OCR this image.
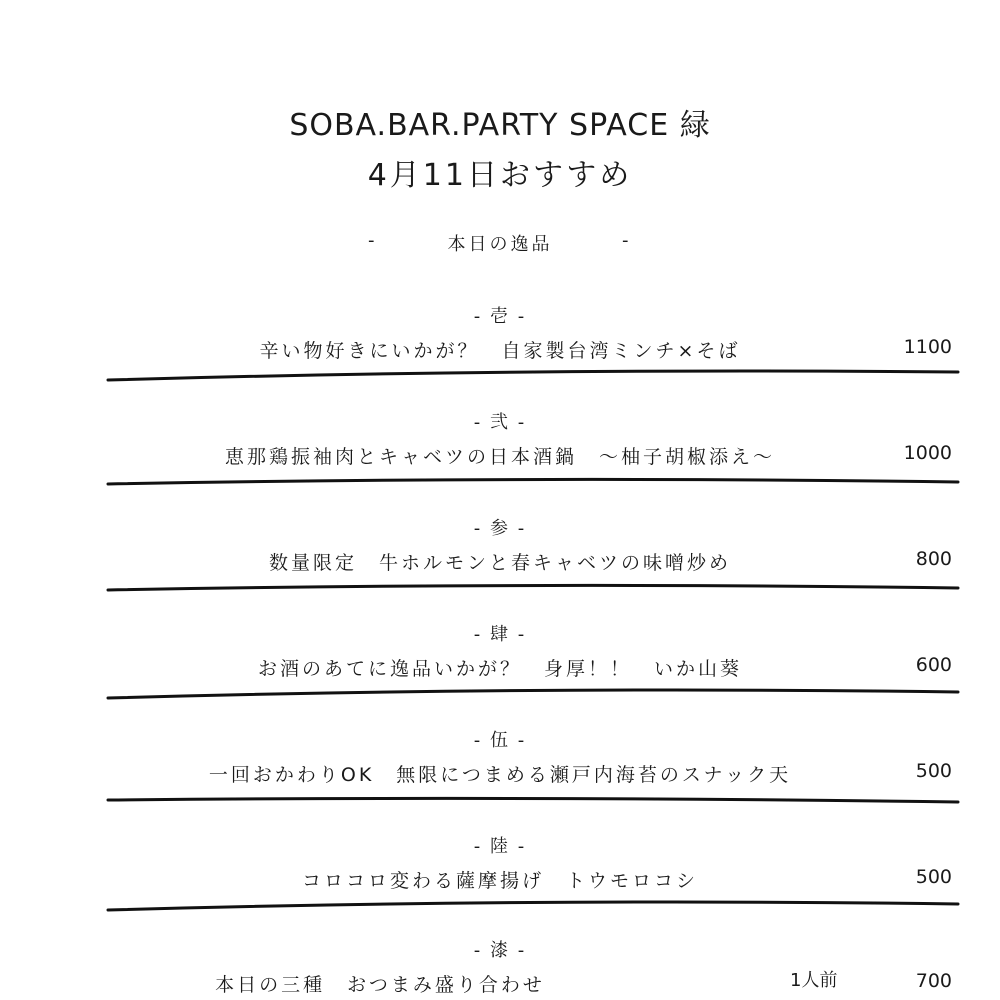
SOBA.BAR.PARTY SPACE 緑
4月11日おすすめ
-	本日の逸品	-
- 壱 -
辛い物好きにいかが？　自家製台湾ミンチ×そば	1100
- 弐 -
恵那鶏振袖肉とキャベツの日本酒鍋　～柚子胡椒添え～	1000
- 参 -
数量限定　牛ホルモンと春キャベツの味噌炒め	800
- 肆 -
お酒のあてに逸品いかが？　身厚！！　いか山葵	600
- 伍 -
一回おかわりOK　無限につまめる瀬戸内海苔のスナック天	500
- 陸 -
コロコロ変わる薩摩揚げ　トウモロコシ	500
- 漆 -
本日の三種　おつまみ盛り合わせ	1人前	700
